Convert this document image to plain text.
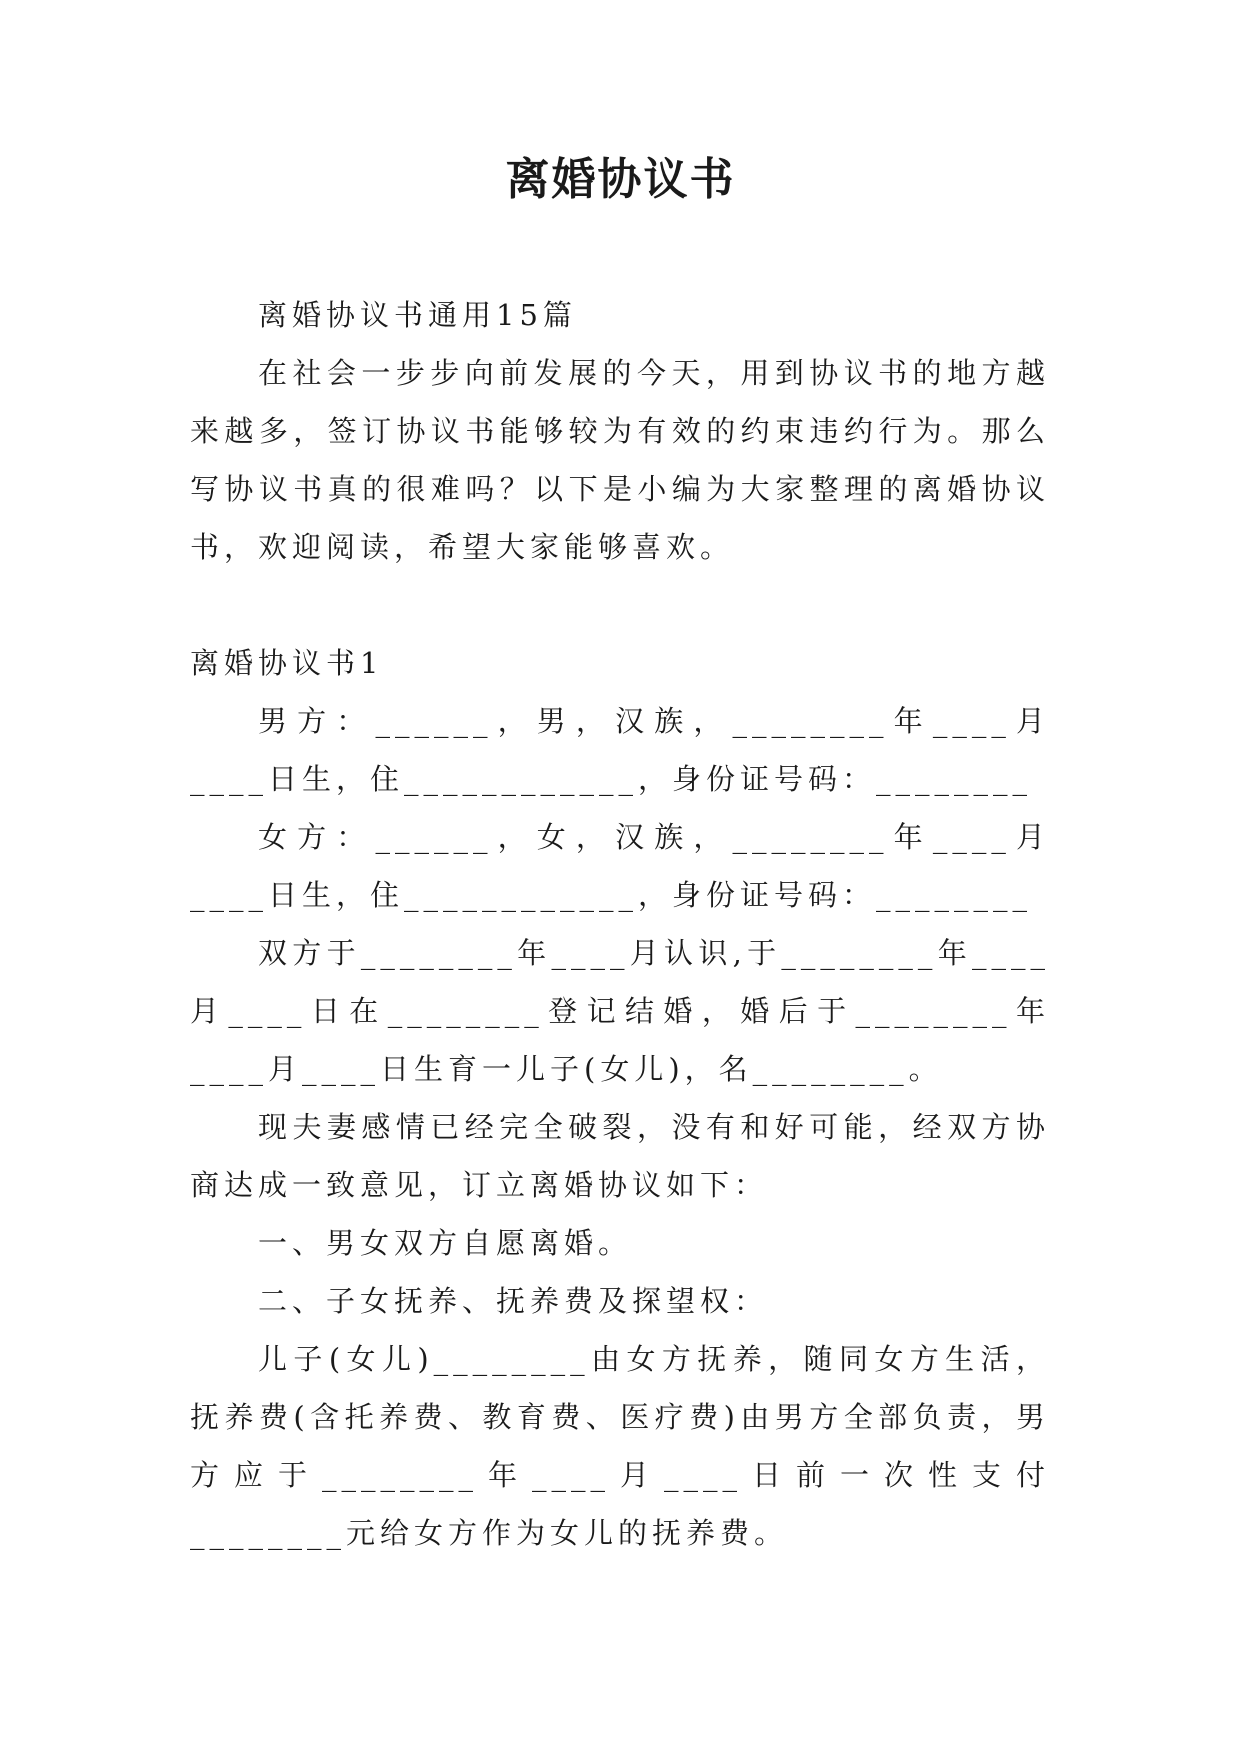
离婚协议书

离婚协议书通用15篇

在社会一步步向前发展的今天，用到协议书的地方越来越多，签订协议书能够较为有效的约束违约行为。那么写协议书真的很难吗？以下是小编为大家整理的离婚协议书，欢迎阅读，希望大家能够喜欢。

离婚协议书1

男方：______，男，汉族，________年____月____日生，住____________，身份证号码：________

女方：______，女，汉族，________年____月____日生，住____________，身份证号码：________

双方于________年____月认识,于________年____月____日在________登记结婚，婚后于________年____月____日生育一儿子(女儿)，名________。

现夫妻感情已经完全破裂，没有和好可能，经双方协商达成一致意见，订立离婚协议如下：

一、男女双方自愿离婚。

二、子女抚养、抚养费及探望权：

儿子(女儿)________由女方抚养，随同女方生活，抚养费(含托养费、教育费、医疗费)由男方全部负责，男方应于________年____月____日前一次性支付________元给女方作为女儿的抚养费。
